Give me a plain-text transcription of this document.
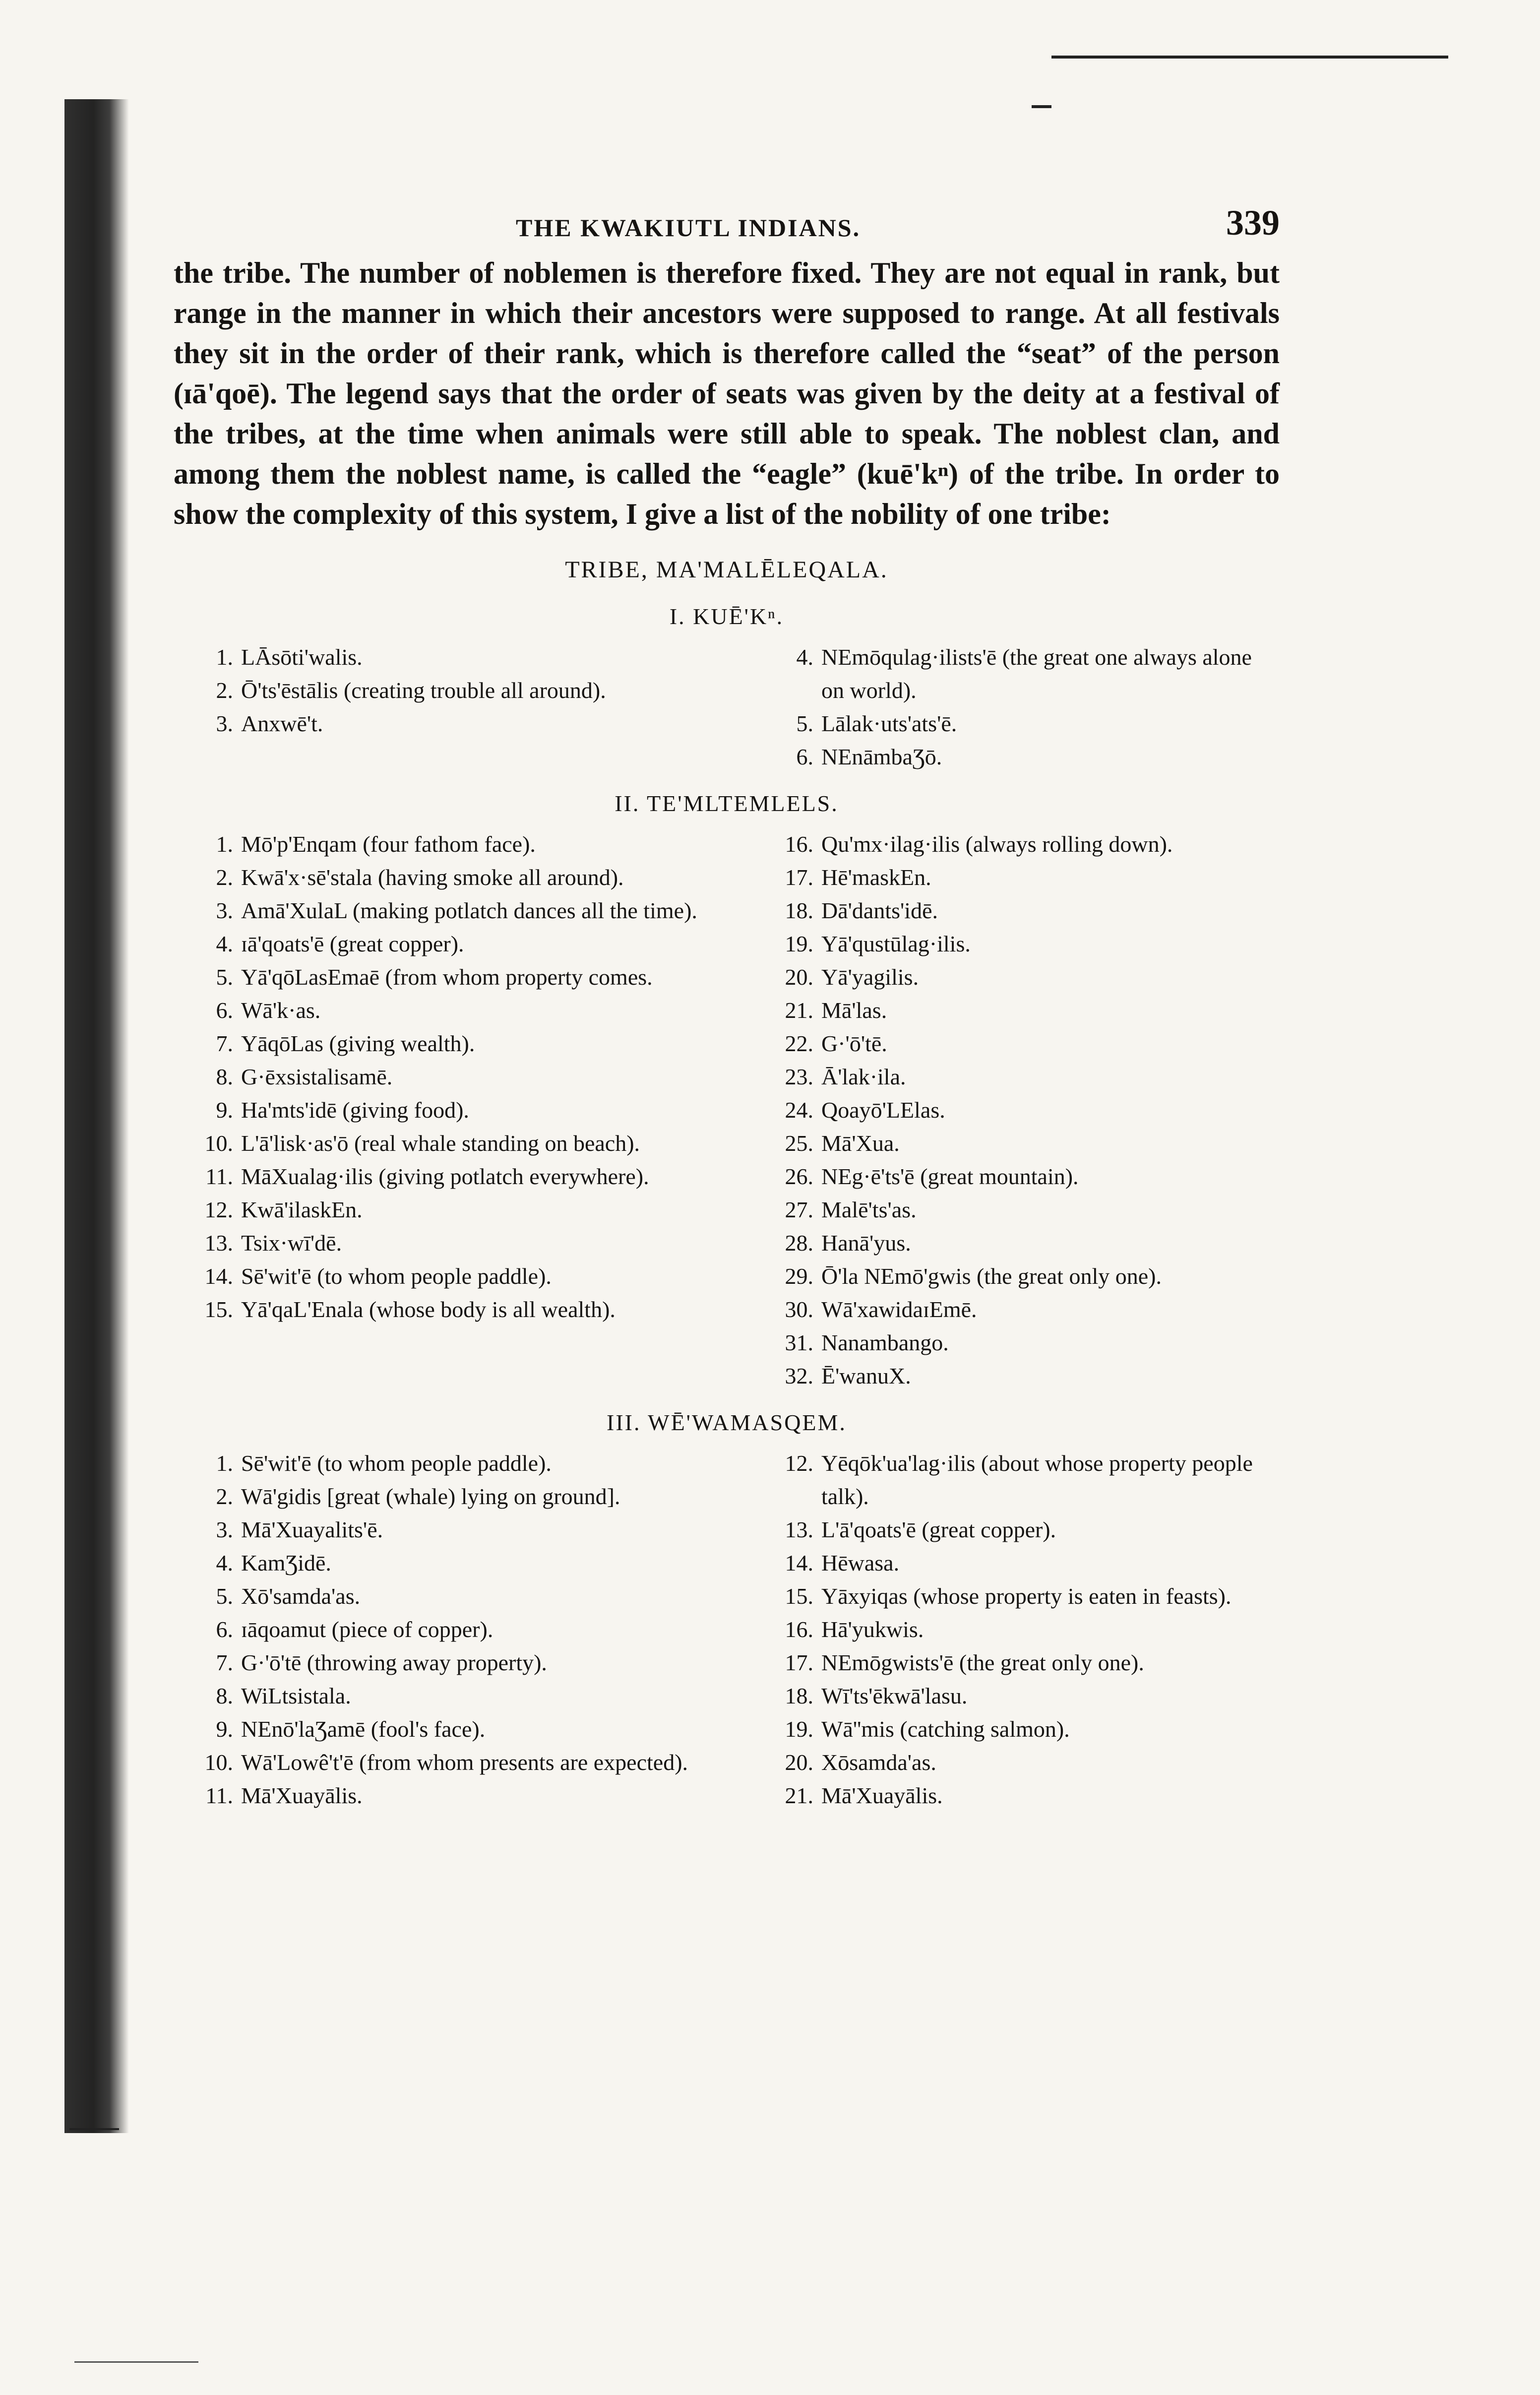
THE KWAKIUTL INDIANS.	339

the tribe. The number of noblemen is therefore fixed. They are not equal in rank, but range in the manner in which their ancestors were supposed to range. At all festivals they sit in the order of their rank, which is therefore called the “seat” of the person (ɪā'qoē). The legend says that the order of seats was given by the deity at a festival of the tribes, at the time when animals were still able to speak. The noblest clan, and among them the noblest name, is called the “eagle” (kuē'kⁿ) of the tribe. In order to show the complexity of this system, I give a list of the nobility of one tribe:

TRIBE, MA'MALĒLEQALA.
I. KUĒ'Kⁿ.
1. LĀsōti'walis.
2. Ō'ts'ēstālis (creating trouble all around).
3. Anxwē't.
4. NEmōqulag·ilists'ē (the great one always alone on world).
5. Lālak·uts'ats'ē.
6. NEnāmbaƷō.
II. TE'MLTEMLELS.
1. Mō'p'Enqam (four fathom face).
2. Kwā'x·sē'stala (having smoke all around).
3. Amā'XulaL (making potlatch dances all the time).
4. ɪā'qoats'ē (great copper).
5. Yā'qōLasEmaē (from whom property comes.
6. Wā'k·as.
7. YāqōLas (giving wealth).
8. G·ēxsistalisamē.
9. Ha'mts'idē (giving food).
10. L'ā'lisk·as'ō (real whale standing on beach).
11. MāXualag·ilis (giving potlatch everywhere).
12. Kwā'ilaskEn.
13. Tsix·wī'dē.
14. Sē'wit'ē (to whom people paddle).
15. Yā'qaL'Enala (whose body is all wealth).
16. Qu'mx·ilag·ilis (always rolling down).
17. Hē'maskEn.
18. Dā'dants'idē.
19. Yā'qustūlag·ilis.
20. Yā'yagilis.
21. Mā'las.
22. G·'ō'tē.
23. Ā'lak·ila.
24. Qoayō'LElas.
25. Mā'Xua.
26. NEg·ē'ts'ē (great mountain).
27. Malē'ts'as.
28. Hanā'yus.
29. Ō'la NEmō'gwis (the great only one).
30. Wā'xawidaɪEmē.
31. Nanambango.
32. Ē'wanuX.
III. WĒ'WAMASQEM.
1. Sē'wit'ē (to whom people paddle).
2. Wā'gidis [great (whale) lying on ground].
3. Mā'Xuayalits'ē.
4. KamƷidē.
5. Xō'samda'as.
6. ɪāqoamut (piece of copper).
7. G·'ō'tē (throwing away property).
8. WiLtsistala.
9. NEnō'laƷamē (fool's face).
10. Wā'Lowê't'ē (from whom presents are expected).
11. Mā'Xuayālis.
12. Yēqōk'ua'lag·ilis (about whose property people talk).
13. L'ā'qoats'ē (great copper).
14. Hēwasa.
15. Yāxyiqas (whose property is eaten in feasts).
16. Hā'yukwis.
17. NEmōgwists'ē (the great only one).
18. Wī'ts'ēkwā'lasu.
19. Wā''mis (catching salmon).
20. Xōsamda'as.
21. Mā'Xuayālis.
